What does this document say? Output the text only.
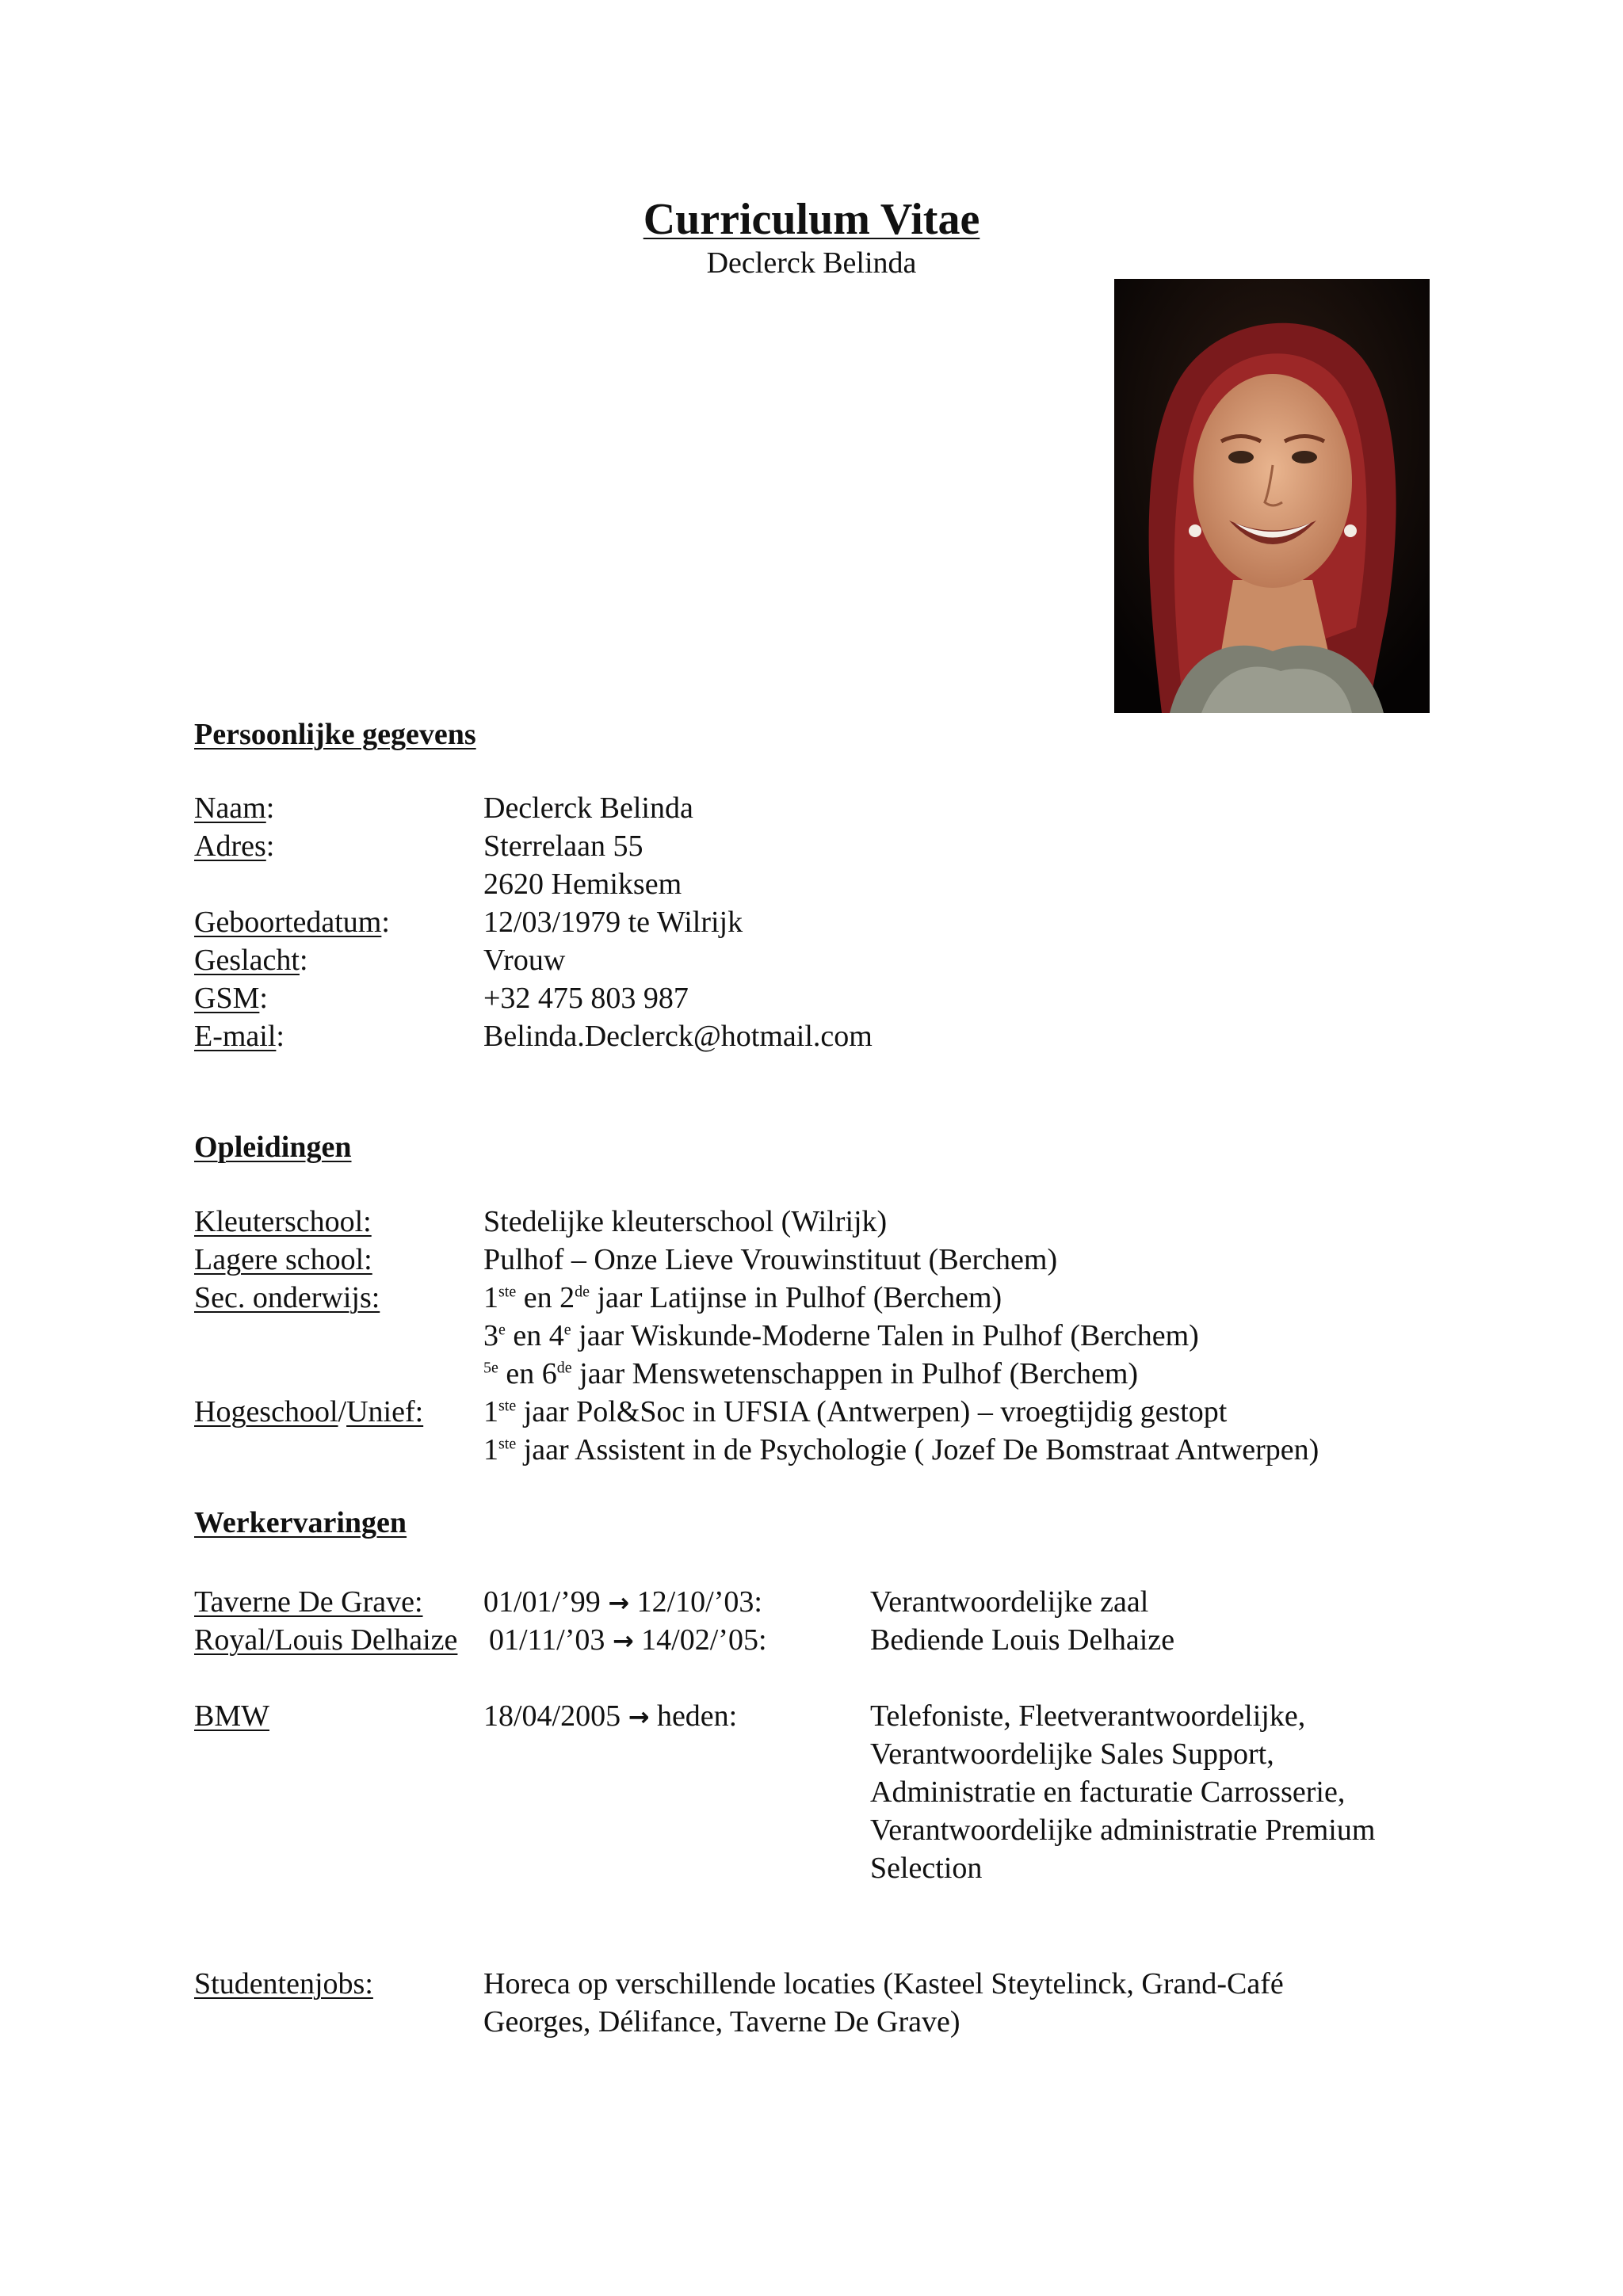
Curriculum Vitae
Declerck Belinda
Persoonlijke gegevens
Naam:	Declerck Belinda
Adres:	Sterrelaan 55
2620 Hemiksem
Geboortedatum:	12/03/1979 te Wilrijk
Geslacht:	Vrouw
GSM:	+32 475 803 987
E-mail:	Belinda.Declerck@hotmail.com
Opleidingen
Kleuterschool:	Stedelijke kleuterschool (Wilrijk)
Lagere school:	Pulhof – Onze Lieve Vrouwinstituut (Berchem)
Sec. onderwijs:	1ste en 2de jaar Latijnse in Pulhof (Berchem)
3e en 4e jaar Wiskunde-Moderne Talen in Pulhof (Berchem)
$^{5e}$ en 6de jaar Menswetenschappen in Pulhof (Berchem)
Hogeschool/Unief: 1ste jaar Pol&Soc in UFSIA (Antwerpen) – vroegtijdig gestopt
1ste jaar Assistent in de Psychologie ( Jozef De Bomstraat Antwerpen)
Werkervaringen
Taverne De Grave: 01/01/’99 → 12/10/’03:	Verantwoordelijke zaal
Royal/Louis Delhaize 01/11/’03 → 14/02/’05:	Bediende Louis Delhaize
BMW	18/04/2005 → heden:	Telefoniste, Fleetverantwoordelijke,
Verantwoordelijke Sales Support,
Administratie en facturatie Carrosserie,
Verantwoordelijke administratie Premium
Selection
Studentenjobs:	Horeca op verschillende locaties (Kasteel Steytelinck, Grand-Café
Georges, Délifance, Taverne De Grave)
